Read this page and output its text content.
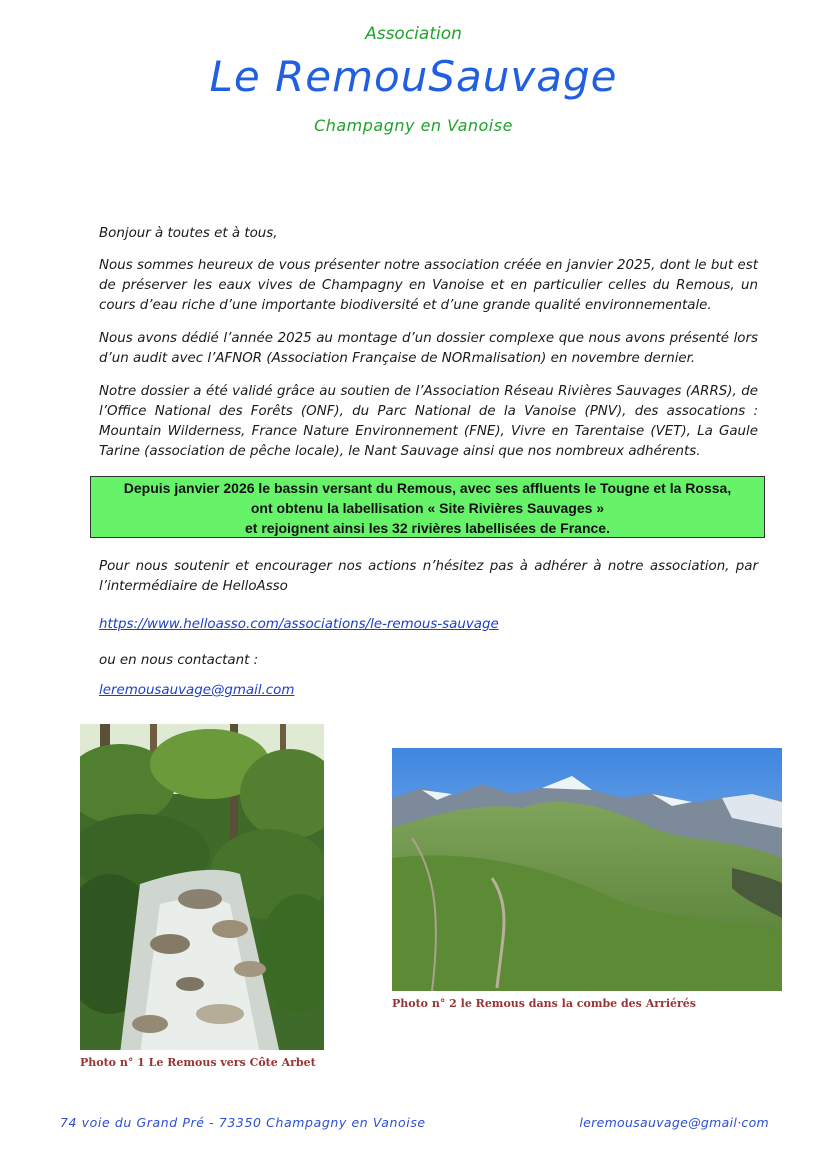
Association
Le RemouSauvage
Champagny en Vanoise
Bonjour à toutes et à tous,
Nous sommes heureux de vous présenter notre association créée en janvier 2025, dont le but est de préserver les eaux vives de Champagny en Vanoise et en particulier celles du Remous, un cours d’eau riche d’une importante biodiversité et d’une grande qualité environnementale.
Nous avons dédié l’année 2025 au montage d’un dossier complexe que nous avons présenté lors d’un audit avec l’AFNOR (Association Française de NORmalisation) en novembre dernier.
Notre dossier a été validé grâce au soutien de l’Association Réseau Rivières Sauvages (ARRS), de l’Office National des Forêts (ONF), du Parc National de la Vanoise (PNV), des assocations : Mountain Wilderness, France Nature Environnement (FNE), Vivre en Tarentaise (VET), La Gaule Tarine (association de pêche locale), le Nant Sauvage ainsi que nos nombreux adhérents.
Depuis janvier 2026 le bassin versant du Remous, avec ses affluents le Tougne et la Rossa,
ont obtenu la labellisation « Site Rivières Sauvages »
et rejoignent ainsi les 32 rivières labellisées de France.
Pour nous soutenir et encourager nos actions n’hésitez pas à adhérer à notre association, par l’intermédiaire de HelloAsso
https://www.helloasso.com/associations/le-remous-sauvage
ou en nous contactant :
leremousauvage@gmail.com
Photo n° 1 Le Remous vers Côte Arbet
Photo n° 2 le Remous dans la combe des Arriérés
74 voie du Grand Pré - 73350 Champagny en Vanoise	leremousauvage@gmail·com
